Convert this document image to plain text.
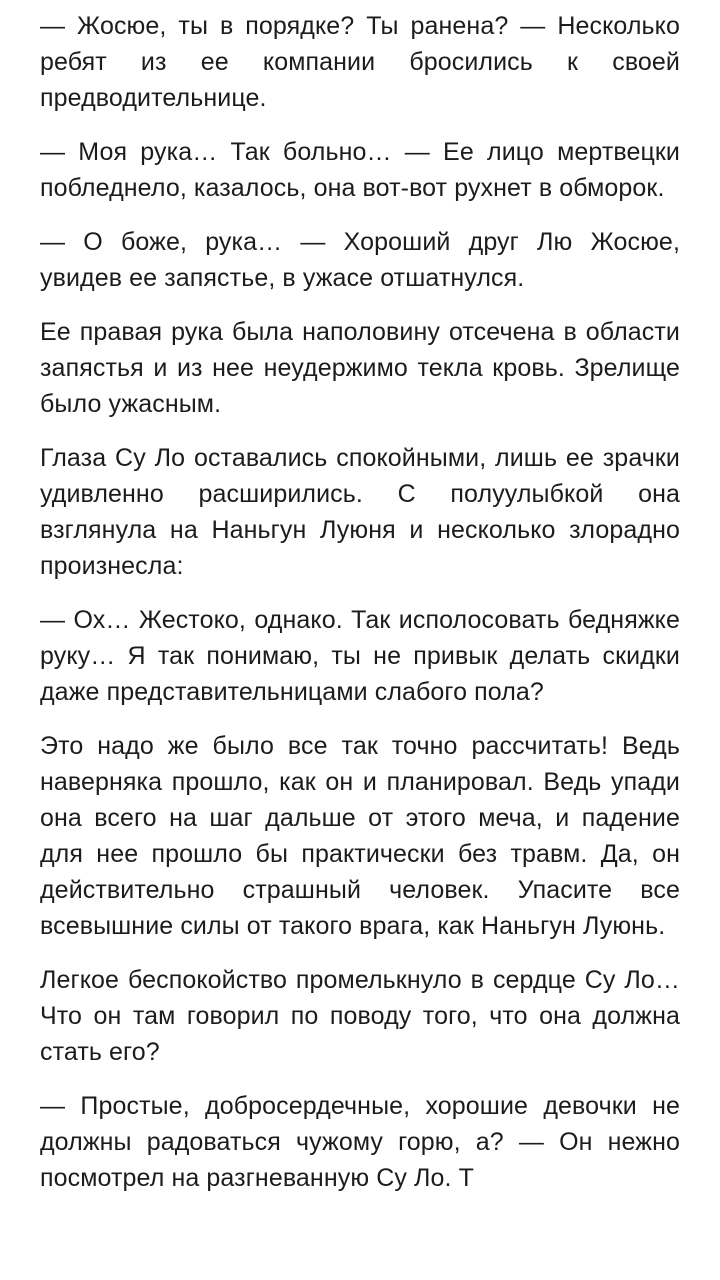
— Жосюе, ты в порядке? Ты ранена? — Несколько ребят из ее компании бросились к своей предводительнице.

— Моя рука… Так больно… — Ее лицо мертвецки побледнело, казалось, она вот-вот рухнет в обморок.

— О боже, рука… — Хороший друг Лю Жосюе, увидев ее запястье, в ужасе отшатнулся.

Ее правая рука была наполовину отсечена в области запястья и из нее неудержимо текла кровь. Зрелище было ужасным.

Глаза Су Ло оставались спокойными, лишь ее зрачки удивленно расширились. С полуулыбкой она взглянула на Наньгун Луюня и несколько злорадно произнесла:

— Ох… Жестоко, однако. Так исполосовать бедняжке руку… Я так понимаю, ты не привык делать скидки даже представительницами слабого пола?

Это надо же было все так точно рассчитать! Ведь наверняка прошло, как он и планировал. Ведь упади она всего на шаг дальше от этого меча, и падение для нее прошло бы практически без травм. Да, он действительно страшный человек. Упасите все всевышние силы от такого врага, как Наньгун Луюнь.

Легкое беспокойство промелькнуло в сердце Су Ло… Что он там говорил по поводу того, что она должна стать его?

— Простые, добросердечные, хорошие девочки не должны радоваться чужому горю, а? — Он нежно посмотрел на разгневанную Су Ло. Т
